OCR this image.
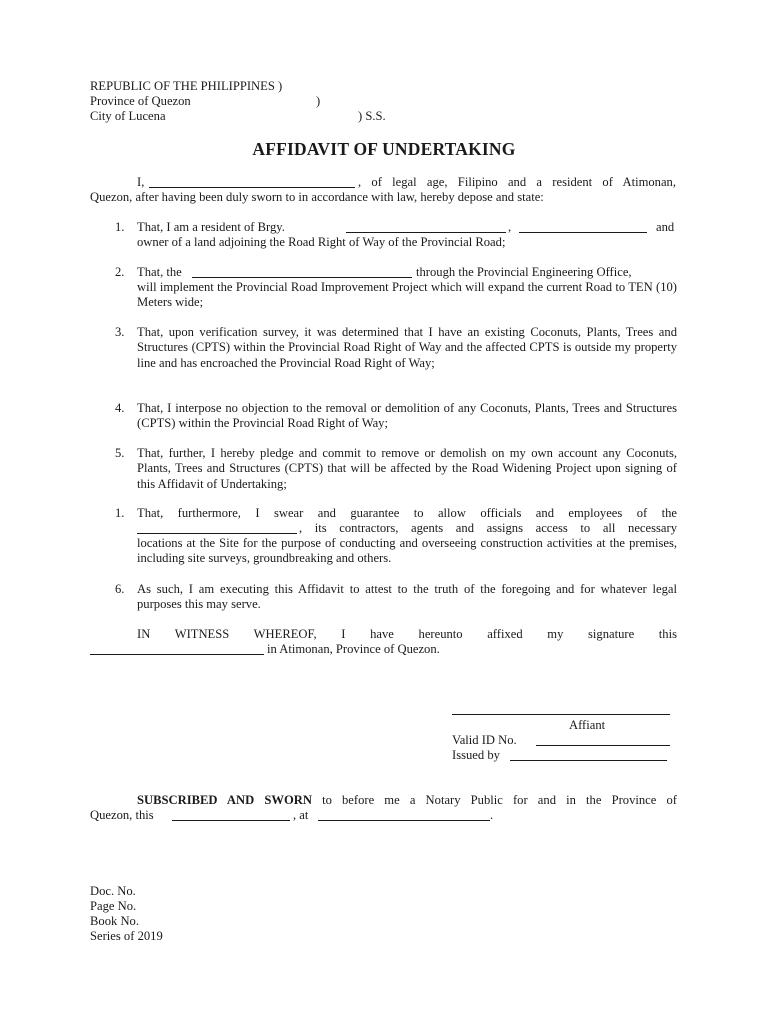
REPUBLIC OF THE PHILIPPINES )
Province of Quezon	)
City of Lucena	) S.S.
AFFIDAVIT OF UNDERTAKING
I,	, of legal age, Filipino and a resident of Atimonan,
Quezon, after having been duly sworn to in accordance with law, hereby depose and state:
1. That, I am a resident of Brgy.	,	and
owner of a land adjoining the Road Right of Way of the Provincial Road;
2. That, the	through the Provincial Engineering Office,
will implement the Provincial Road Improvement Project which will expand the current Road to TEN (10) Meters wide;
3. That, upon verification survey, it was determined that I have an existing Coconuts, Plants, Trees and Structures (CPTS) within the Provincial Road Right of Way and the affected CPTS is outside my property line and has encroached the Provincial Road Right of Way;
4. That, I interpose no objection to the removal or demolition of any Coconuts, Plants, Trees and Structures (CPTS) within the Provincial Road Right of Way;
5. That, further, I hereby pledge and commit to remove or demolish on my own account any Coconuts, Plants, Trees and Structures (CPTS) that will be affected by the Road Widening Project upon signing of this Affidavit of Undertaking;
1. That, furthermore, I swear and guarantee to allow officials and employees of the
, its contractors, agents and assigns access to all necessary
locations at the Site for the purpose of conducting and overseeing construction activities at the premises, including site surveys, groundbreaking and others.
6. As such, I am executing this Affidavit to attest to the truth of the foregoing and for whatever legal purposes this may serve.
IN WITNESS WHEREOF, I have hereunto affixed my signature this
in Atimonan, Province of Quezon.
Affiant
Valid ID No.
Issued by
SUBSCRIBED AND SWORN to before me a Notary Public for and in the Province of
Quezon, this	, at	.
Doc. No.
Page No.
Book No.
Series of 2019
